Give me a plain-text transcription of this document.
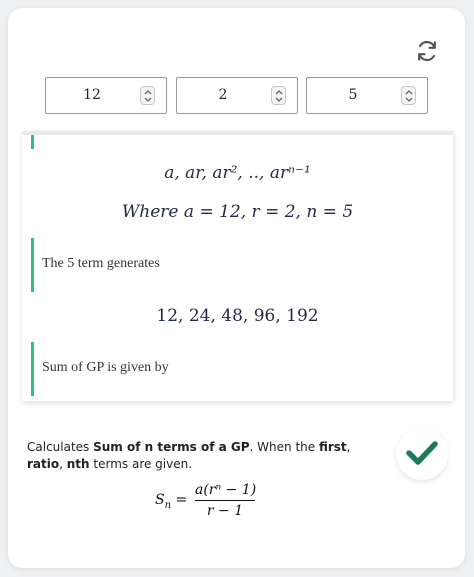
12	2	5
a, ar, ar², .., arⁿ⁻¹
Where a = 12, r = 2, n = 5
The 5 term generates
12, 24, 48, 96, 192
Sum of GP is given by
Calculates Sum of n terms of a GP. When the first, ratio, nth terms are given.
$S_n$ =
a(rⁿ − 1)
r − 1
